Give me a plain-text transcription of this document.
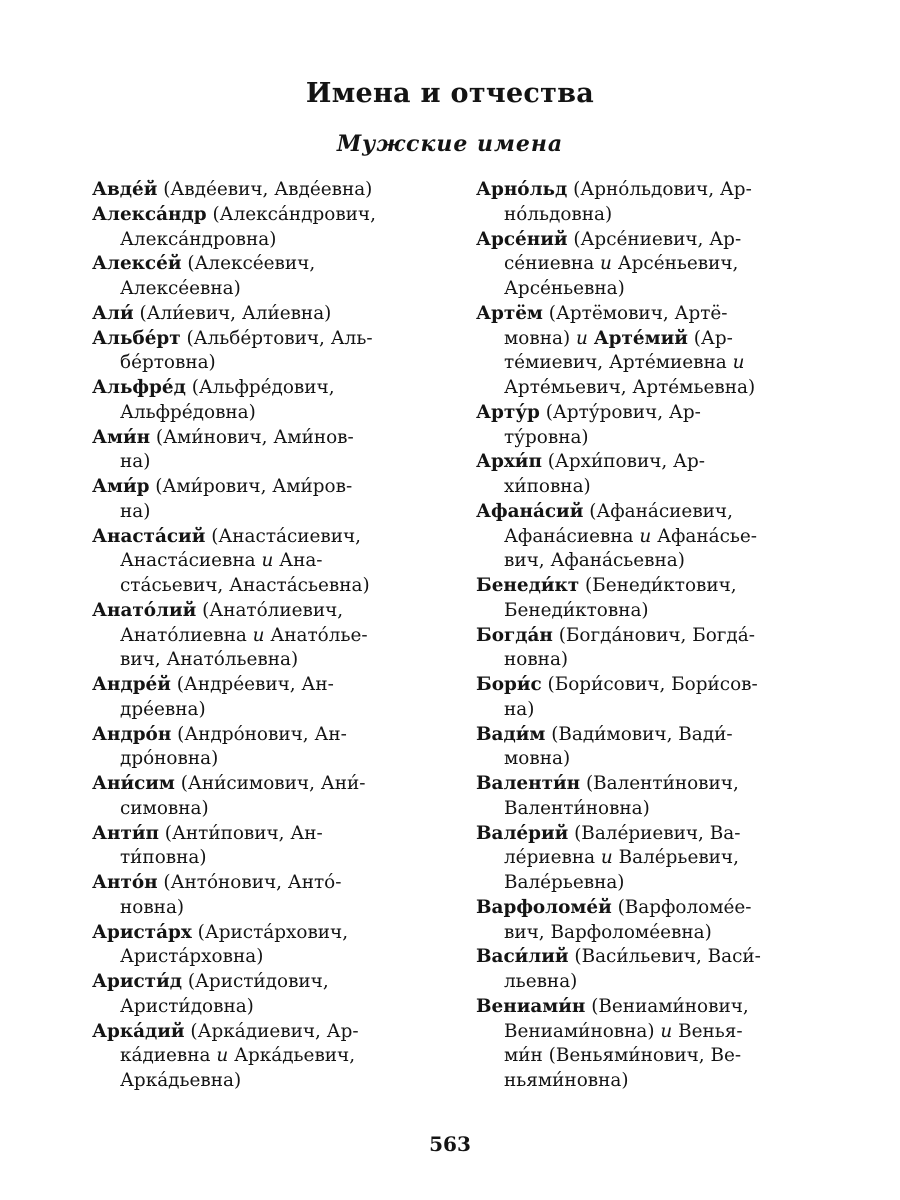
Имена и отчества
Мужские имена
Авде́й (Авде́евич, Авде́евна)
Алекса́ндр (Алекса́ндрович,
Алекса́ндровна)
Алексе́й (Алексе́евич,
Алексе́евна)
Али́ (Али́евич, Али́евна)
Альбе́рт (Альбе́ртович, Аль-
бе́ртовна)
Альфре́д (Альфре́дович,
Альфре́довна)
Ами́н (Ами́нович, Ами́нов-
на)
Ами́р (Ами́рович, Ами́ров-
на)
Анаста́сий (Анаста́сиевич,
Анаста́сиевна и Ана-
ста́сьевич, Анаста́сьевна)
Анато́лий (Анато́лиевич,
Анато́лиевна и Анато́лье-
вич, Анато́льевна)
Андре́й (Андре́евич, Ан-
дре́евна)
Андро́н (Андро́нович, Ан-
дро́новна)
Ани́сим (Ани́симович, Ани́-
симовна)
Анти́п (Анти́пович, Ан-
ти́повна)
Анто́н (Анто́нович, Анто́-
новна)
Ариста́рх (Ариста́рхович,
Ариста́рховна)
Аристи́д (Аристи́дович,
Аристи́довна)
Арка́дий (Арка́диевич, Ар-
ка́диевна и Арка́дьевич,
Арка́дьевна)
Арно́льд (Арно́льдович, Ар-
но́льдовна)
Арсе́ний (Арсе́ниевич, Ар-
се́ниевна и Арсе́ньевич,
Арсе́ньевна)
Артём (Артёмович, Артё-
мовна) и Арте́мий (Ар-
те́миевич, Арте́миевна и
Арте́мьевич, Арте́мьевна)
Арту́р (Арту́рович, Ар-
ту́ровна)
Архи́п (Архи́пович, Ар-
хи́повна)
Афана́сий (Афана́сиевич,
Афана́сиевна и Афана́сье-
вич, Афана́сьевна)
Бенеди́кт (Бенеди́ктович,
Бенеди́ктовна)
Богда́н (Богда́нович, Богда́-
новна)
Бори́с (Бори́сович, Бори́сов-
на)
Вади́м (Вади́мович, Вади́-
мовна)
Валенти́н (Валенти́нович,
Валенти́новна)
Вале́рий (Вале́риевич, Ва-
ле́риевна и Вале́рьевич,
Вале́рьевна)
Варфоломе́й (Варфоломе́е-
вич, Варфоломе́евна)
Васи́лий (Васи́льевич, Васи́-
льевна)
Вениами́н (Вениами́нович,
Вениами́новна) и Венья-
ми́н (Веньями́нович, Ве-
ньями́новна)
563
